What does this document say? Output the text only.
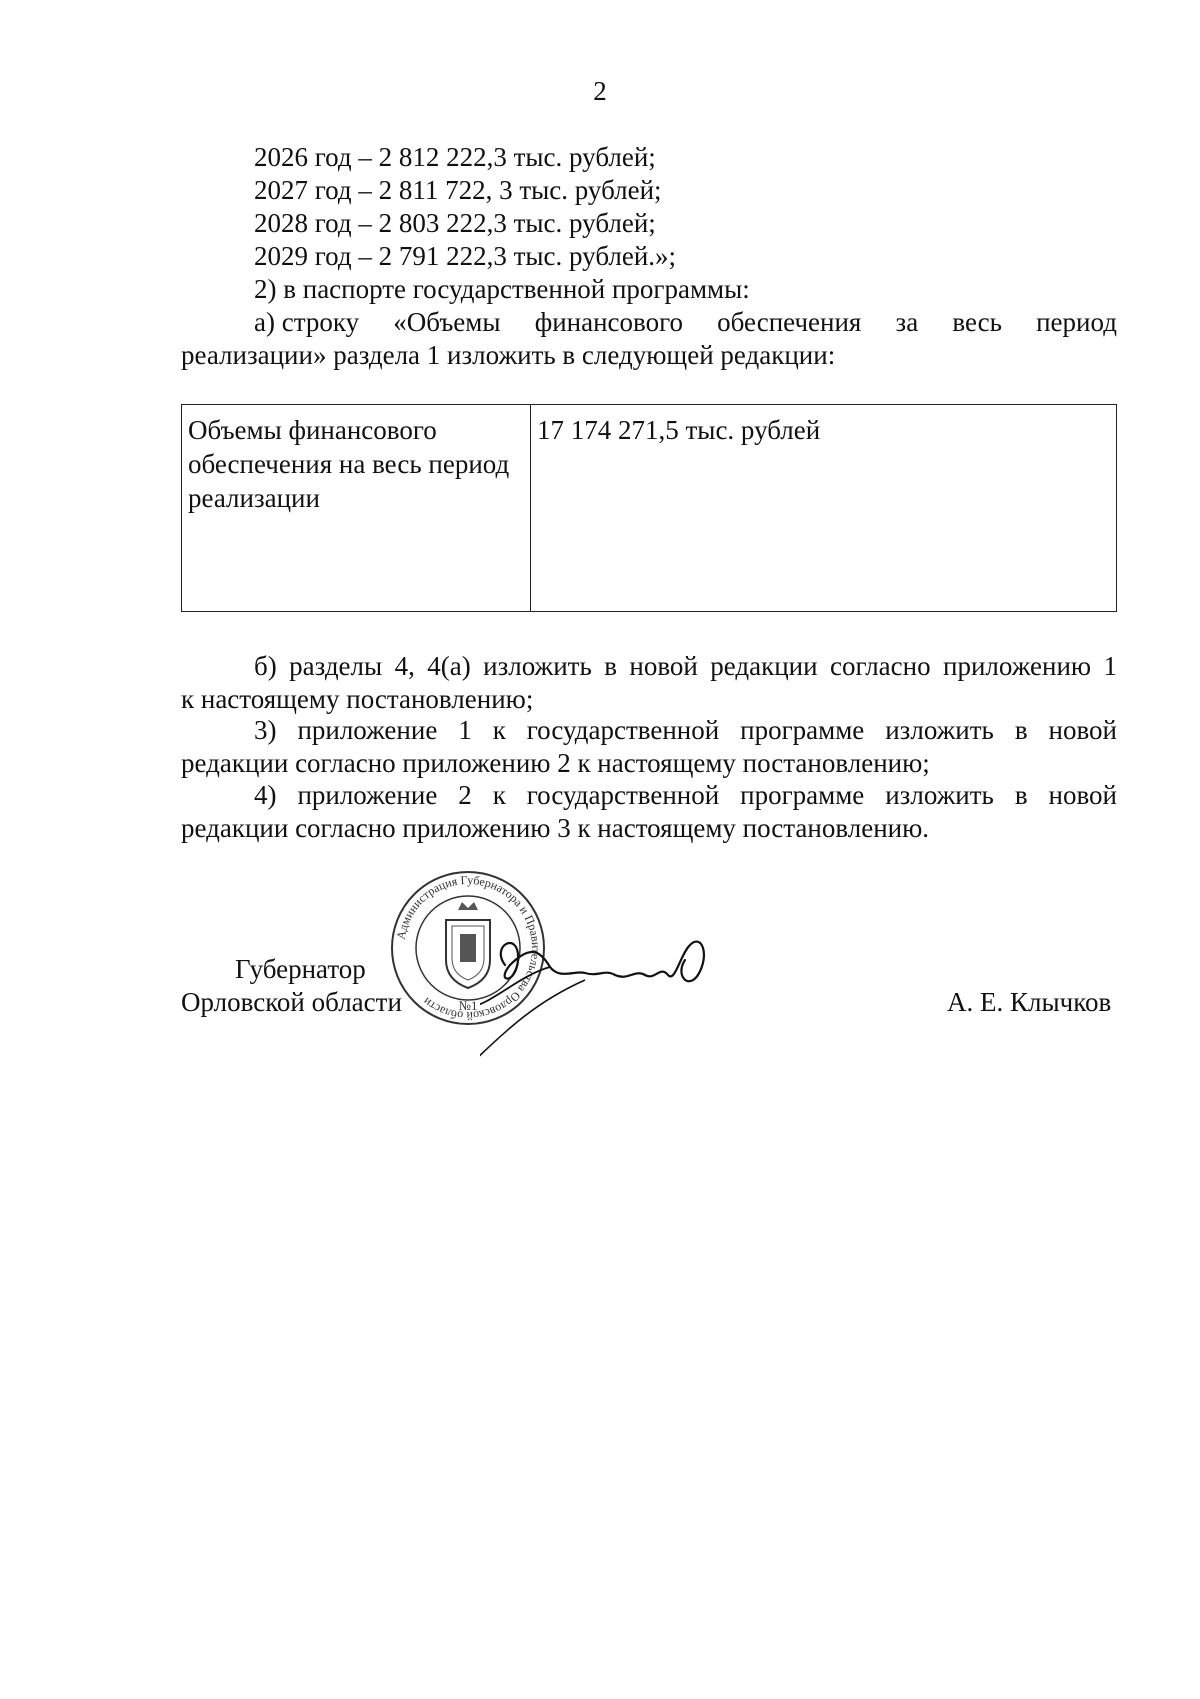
2
2026 год – 2 812 222,3 тыс. рублей;
2027 год – 2 811 722, 3 тыс. рублей;
2028 год – 2 803 222,3 тыс. рублей;
2029 год – 2 791 222,3 тыс. рублей.»;
2) в паспорте государственной программы:
а) строку «Объемы финансового обеспечения за весь период
реализации» раздела 1 изложить в следующей редакции:
Объемы финансового
обеспечения на весь период
реализации
17 174 271,5 тыс. рублей
б) разделы 4, 4(а) изложить в новой редакции согласно приложению 1
к настоящему постановлению;
3) приложение 1 к государственной программе изложить в новой
редакции согласно приложению 2 к настоящему постановлению;
4) приложение 2 к государственной программе изложить в новой
редакции согласно приложению 3 к настоящему постановлению.
Администрация Губернатора и Правительства Орловской области	№1
Губернатор
Орловской области	А. Е. Клычков
